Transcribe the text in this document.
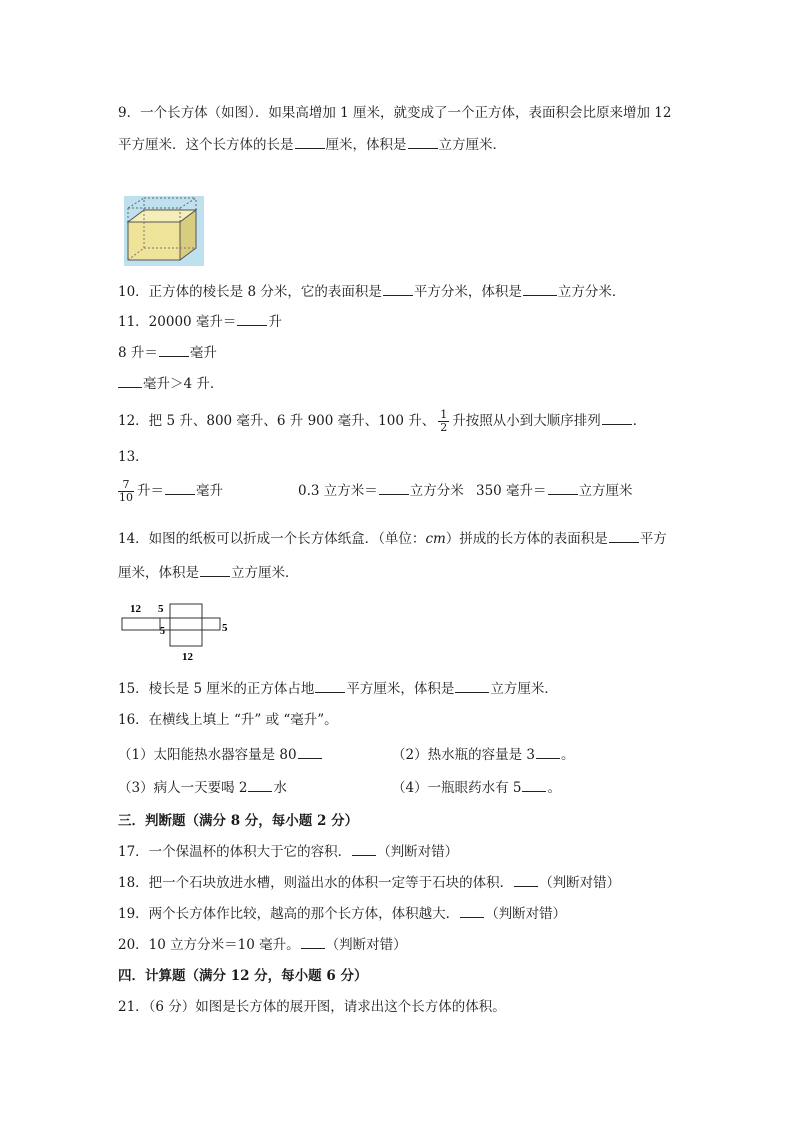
9．一个长方体（如图）．如果高增加 1 厘米，就变成了一个正方体，表面积会比原来增加 12
平方厘米．这个长方体的长是 厘米，体积是 立方厘米．
10．正方体的棱长是 8 分米，它的表面积是 平方分米，体积是	立方分米．
11．20000 毫升＝ 升
8 升＝ 毫升
毫升＞4 升．
12．把 5 升、800 毫升、6 升 900 毫升、100 升、 $\frac{1}{2}$ 升按照从小到大顺序排列 ．
13．
$\frac{7}{10}$ 升＝ 毫升	0.3 立方米＝ 立方分米 350 毫升＝ 立方厘米
14．如图的纸板可以折成一个长方体纸盒．（单位：cm）拼成的长方体的表面积是 平方
厘米，体积是 立方厘米．
12 5
5	5
12
15．棱长是 5 厘米的正方体占地 平方厘米，体积是	立方厘米．
16．在横线上填上 “升” 或 “毫升”。
（1）太阳能热水器容量是 80	（2）热水瓶的容量是 3 。
（3）病人一天要喝 2 水	（4）一瓶眼药水有 5 。
三．判断题（满分 8 分，每小题 2 分）
17．一个保温杯的体积大于它的容积． （判断对错）
18．把一个石块放进水槽，则溢出水的体积一定等于石块的体积． （判断对错）
19．两个长方体作比较，越高的那个长方体，体积越大． （判断对错）
20．10 立方分米＝10 毫升。 （判断对错）
四．计算题（满分 12 分，每小题 6 分）
21．（6 分）如图是长方体的展开图，请求出这个长方体的体积。
